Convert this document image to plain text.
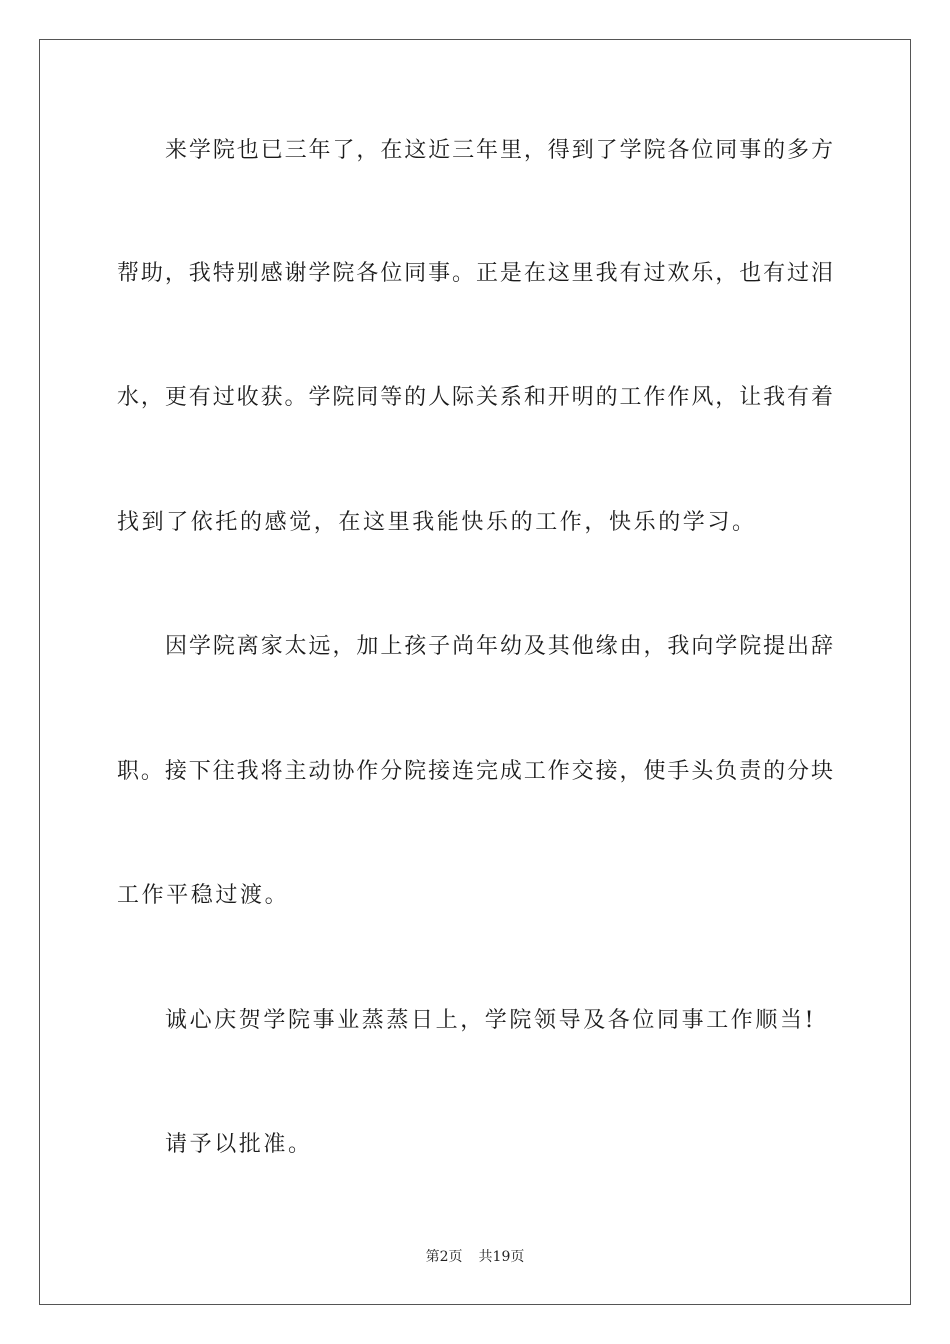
来学院也已三年了，在这近三年里，得到了学院各位同事的多方
帮助，我特别感谢学院各位同事。正是在这里我有过欢乐，也有过泪
水，更有过收获。学院同等的人际关系和开明的工作作风，让我有着
找到了依托的感觉，在这里我能快乐的工作，快乐的学习。
因学院离家太远，加上孩子尚年幼及其他缘由，我向学院提出辞
职。接下往我将主动协作分院接连完成工作交接，使手头负责的分块
工作平稳过渡。
诚心庆贺学院事业蒸蒸日上，学院领导及各位同事工作顺当!
请予以批准。
第2页 共19页
